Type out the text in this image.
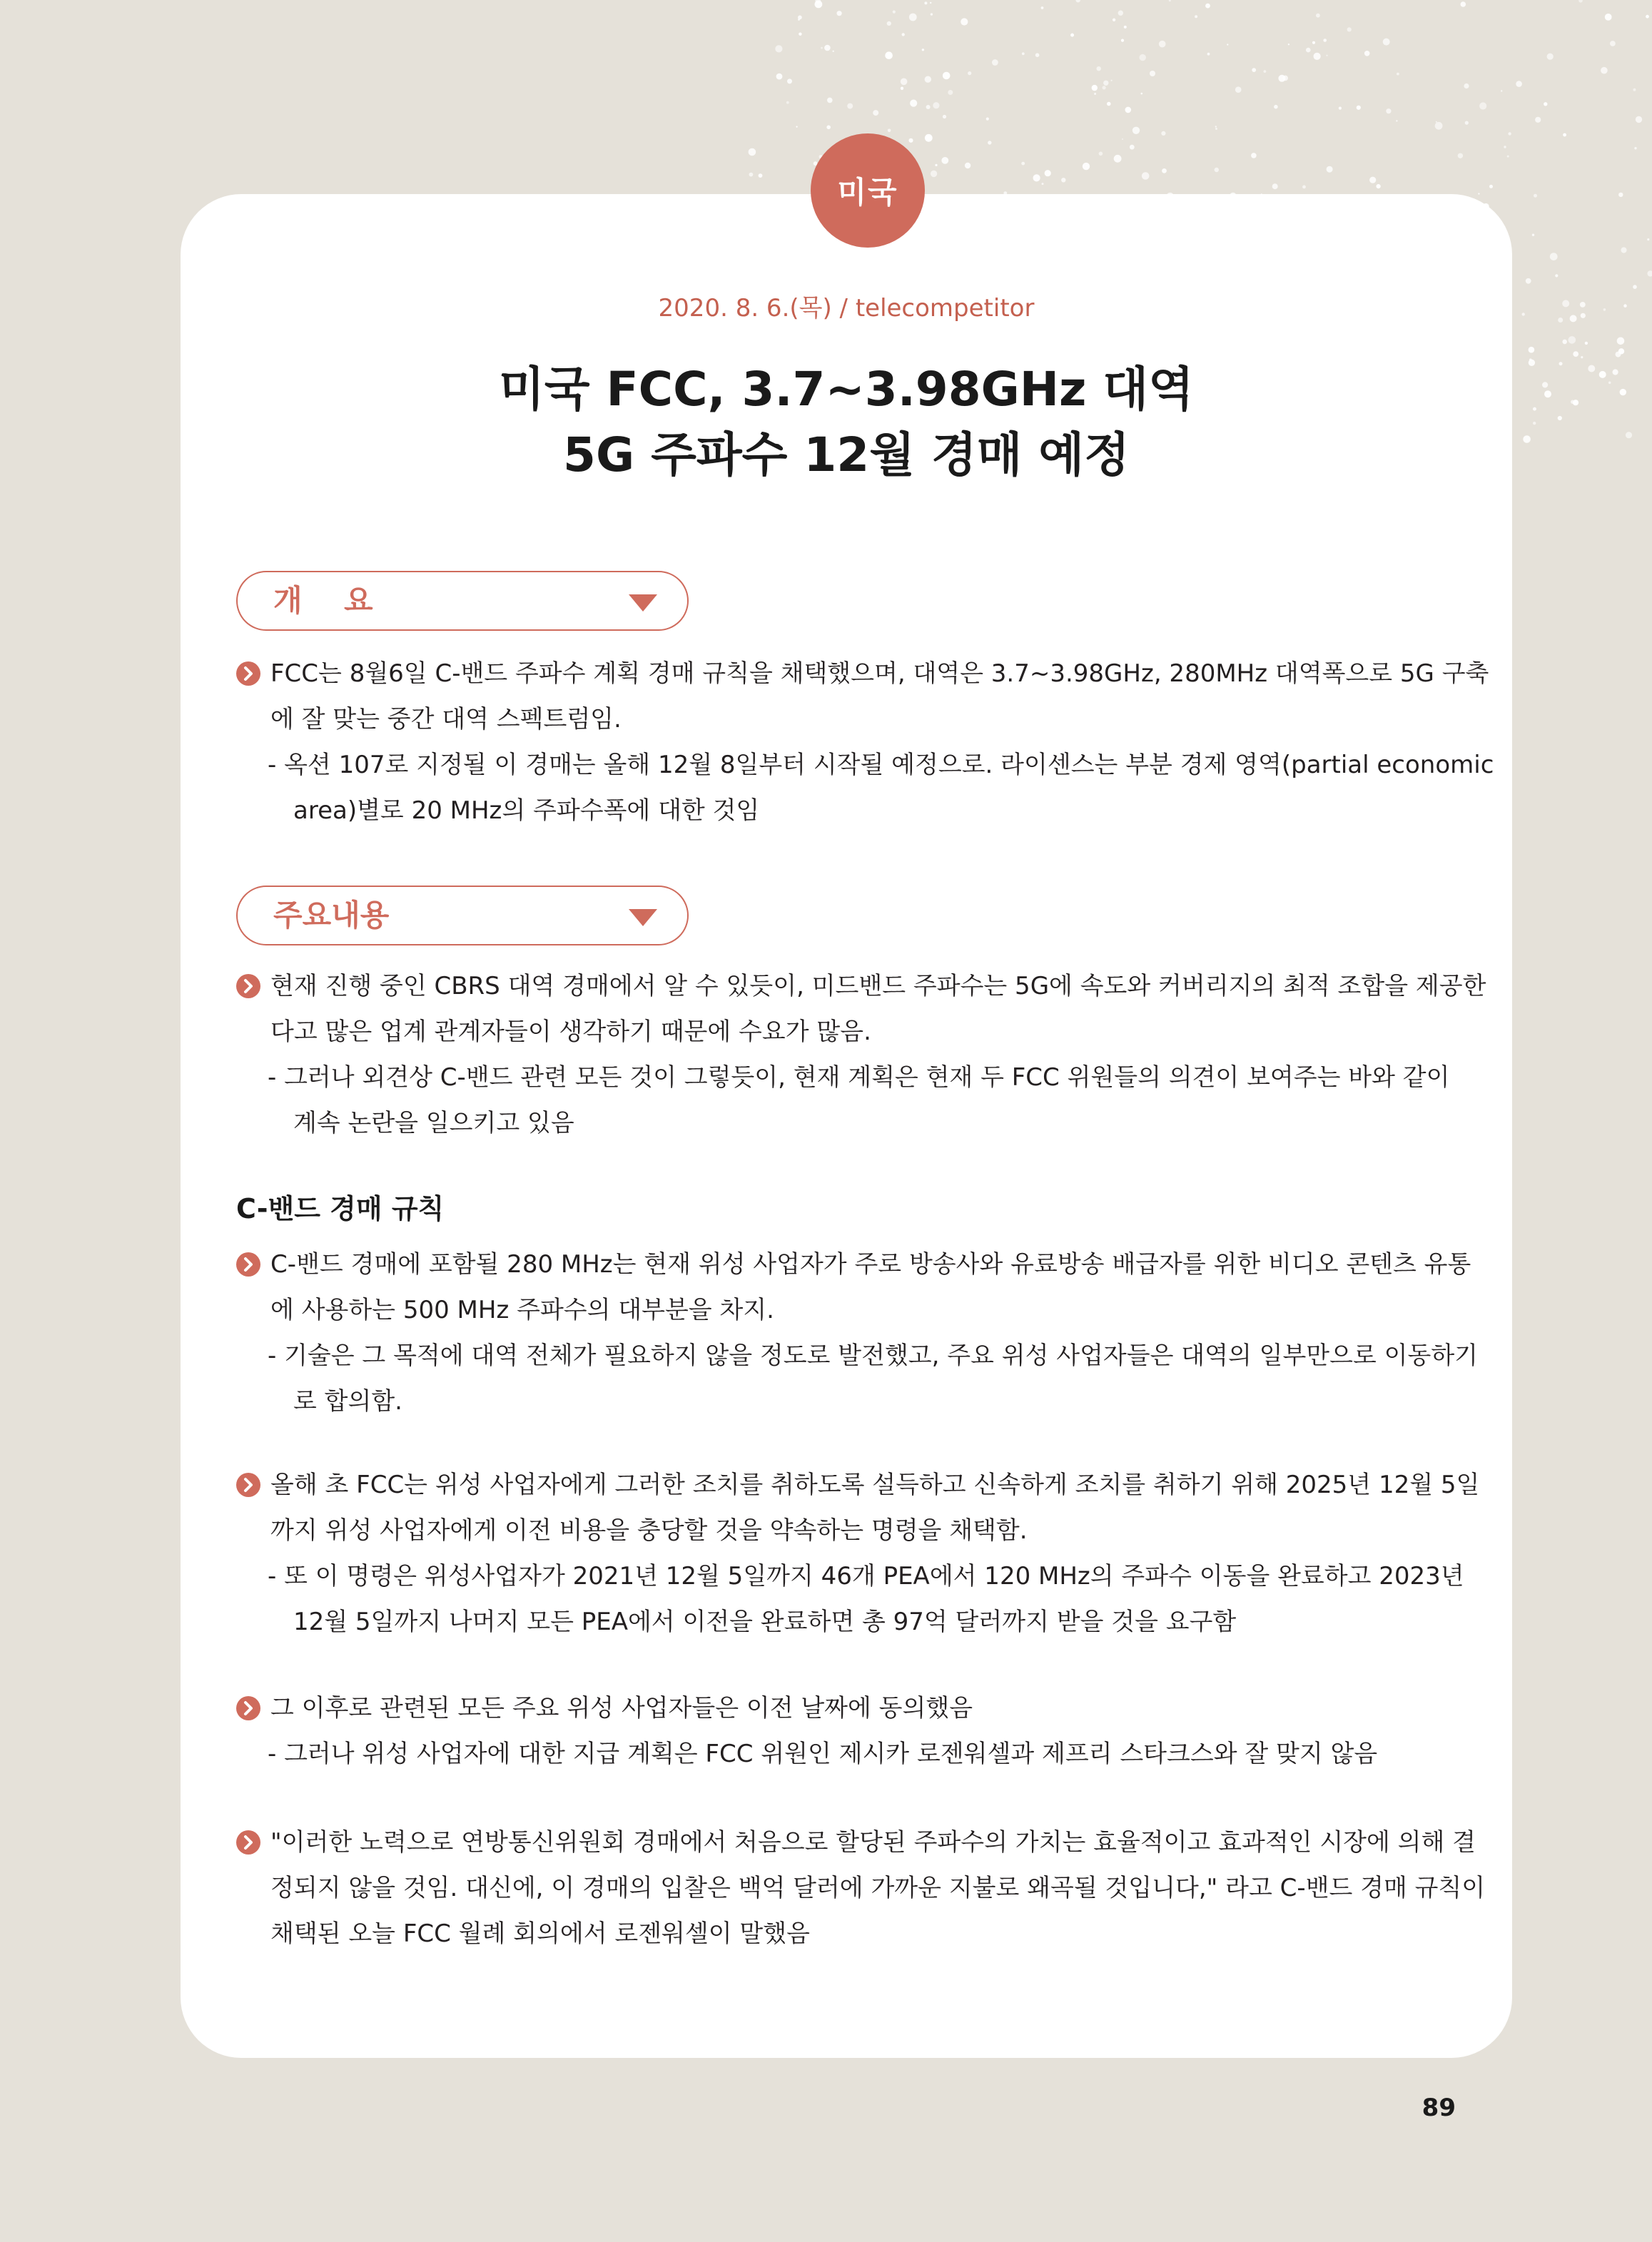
미국
2020. 8. 6.(목) / telecompetitor
미국 FCC, 3.7~3.98GHz 대역
5G 주파수 12월 경매 예정
개    요
FCC는 8월6일 C-밴드 주파수 계획 경매 규칙을 채택했으며, 대역은 3.7~3.98GHz, 280MHz 대역폭으로 5G 구축
에 잘 맞는 중간 대역 스펙트럼임.
- 옥션 107로 지정될 이 경매는 올해 12월 8일부터 시작될 예정으로. 라이센스는 부분 경제 영역(partial economic
area)별로 20 MHz의 주파수폭에 대한 것임
주요내용
현재 진행 중인 CBRS 대역 경매에서 알 수 있듯이, 미드밴드 주파수는 5G에 속도와 커버리지의 최적 조합을 제공한
다고 많은 업계 관계자들이 생각하기 때문에 수요가 많음.
- 그러나 외견상 C-밴드 관련 모든 것이 그렇듯이, 현재 계획은 현재 두 FCC 위원들의 의견이 보여주는 바와 같이
계속 논란을 일으키고 있음
C-밴드 경매 규칙
C-밴드 경매에 포함될 280 MHz는 현재 위성 사업자가 주로 방송사와 유료방송 배급자를 위한 비디오 콘텐츠 유통
에 사용하는 500 MHz 주파수의 대부분을 차지.
- 기술은 그 목적에 대역 전체가 필요하지 않을 정도로 발전했고, 주요 위성 사업자들은 대역의 일부만으로 이동하기
로 합의함.
올해 초 FCC는 위성 사업자에게 그러한 조치를 취하도록 설득하고 신속하게 조치를 취하기 위해 2025년 12월 5일
까지 위성 사업자에게 이전 비용을 충당할 것을 약속하는 명령을 채택함.
- 또 이 명령은 위성사업자가 2021년 12월 5일까지 46개 PEA에서 120 MHz의 주파수 이동을 완료하고 2023년
12월 5일까지 나머지 모든 PEA에서 이전을 완료하면 총 97억 달러까지 받을 것을 요구함
그 이후로 관련된 모든 주요 위성 사업자들은 이전 날짜에 동의했음
- 그러나 위성 사업자에 대한 지급 계획은 FCC 위원인 제시카 로젠워셀과 제프리 스타크스와 잘 맞지 않음
"이러한 노력으로 연방통신위원회 경매에서 처음으로 할당된 주파수의 가치는 효율적이고 효과적인 시장에 의해 결
정되지 않을 것임. 대신에, 이 경매의 입찰은 백억 달러에 가까운 지불로 왜곡될 것입니다," 라고 C-밴드 경매 규칙이
채택된 오늘 FCC 월례 회의에서 로젠워셀이 말했음
89
